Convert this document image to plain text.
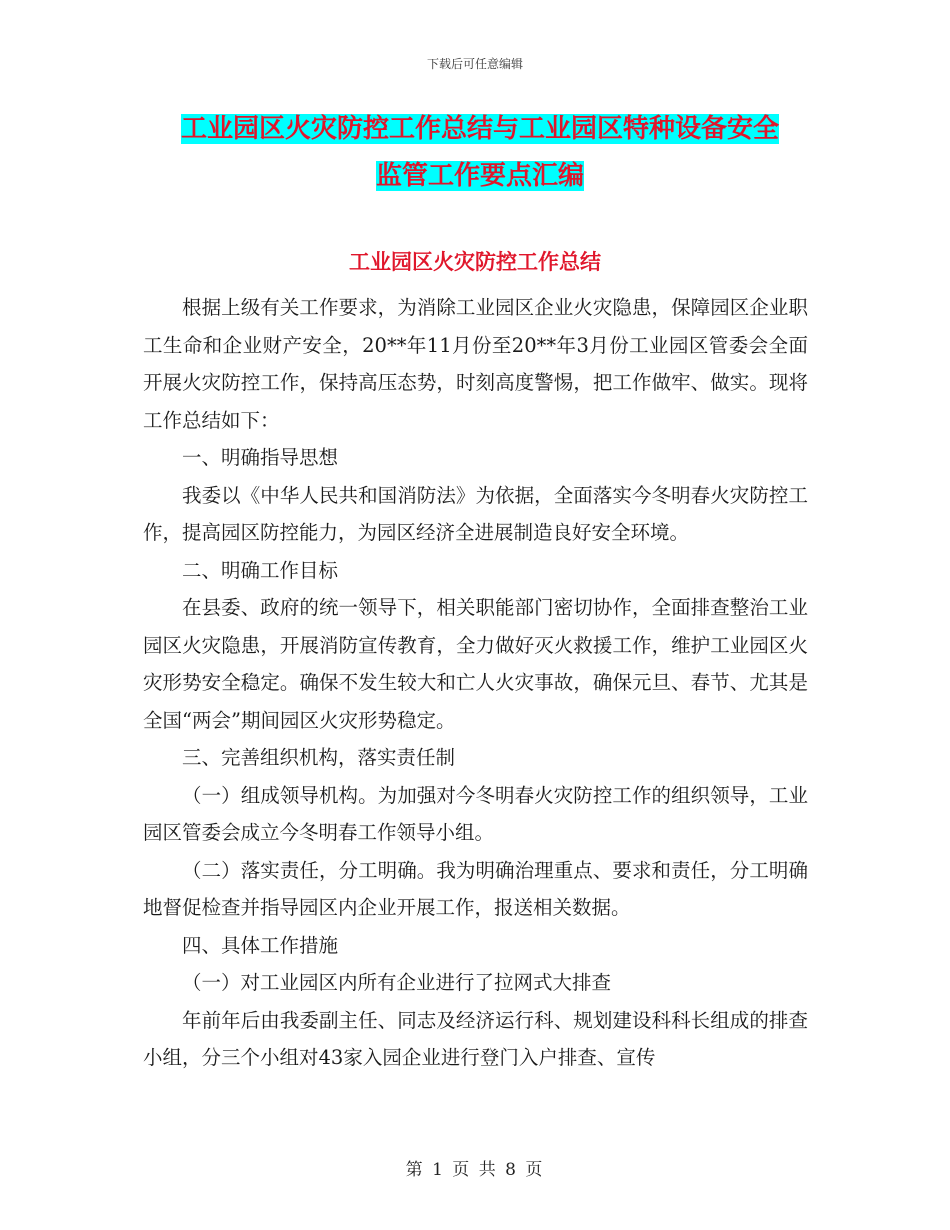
下载后可任意编辑
工业园区火灾防控工作总结与工业园区特种设备安全
监管工作要点汇编
工业园区火灾防控工作总结

根据上级有关工作要求，为消除工业园区企业火灾隐患，保障园区企业职工生命和企业财产安全，20**年11月份至20**年3月份工业园区管委会全面开展火灾防控工作，保持高压态势，时刻高度警惕，把工作做牢、做实。现将工作总结如下：

一、明确指导思想

我委以《中华人民共和国消防法》为依据，全面落实今冬明春火灾防控工作，提高园区防控能力，为园区经济全进展制造良好安全环境。

二、明确工作目标

在县委、政府的统一领导下，相关职能部门密切协作，全面排查整治工业园区火灾隐患，开展消防宣传教育，全力做好灭火救援工作，维护工业园区火灾形势安全稳定。确保不发生较大和亡人火灾事故，确保元旦、春节、尤其是全国“两会”期间园区火灾形势稳定。

三、完善组织机构，落实责任制

（一）组成领导机构。为加强对今冬明春火灾防控工作的组织领导，工业园区管委会成立今冬明春工作领导小组。

（二）落实责任，分工明确。我为明确治理重点、要求和责任，分工明确地督促检查并指导园区内企业开展工作，报送相关数据。

四、具体工作措施

（一）对工业园区内所有企业进行了拉网式大排查

年前年后由我委副主任、同志及经济运行科、规划建设科科长组成的排查小组，分三个小组对43家入园企业进行登门入户排查、宣传

第 1 页 共 8 页
